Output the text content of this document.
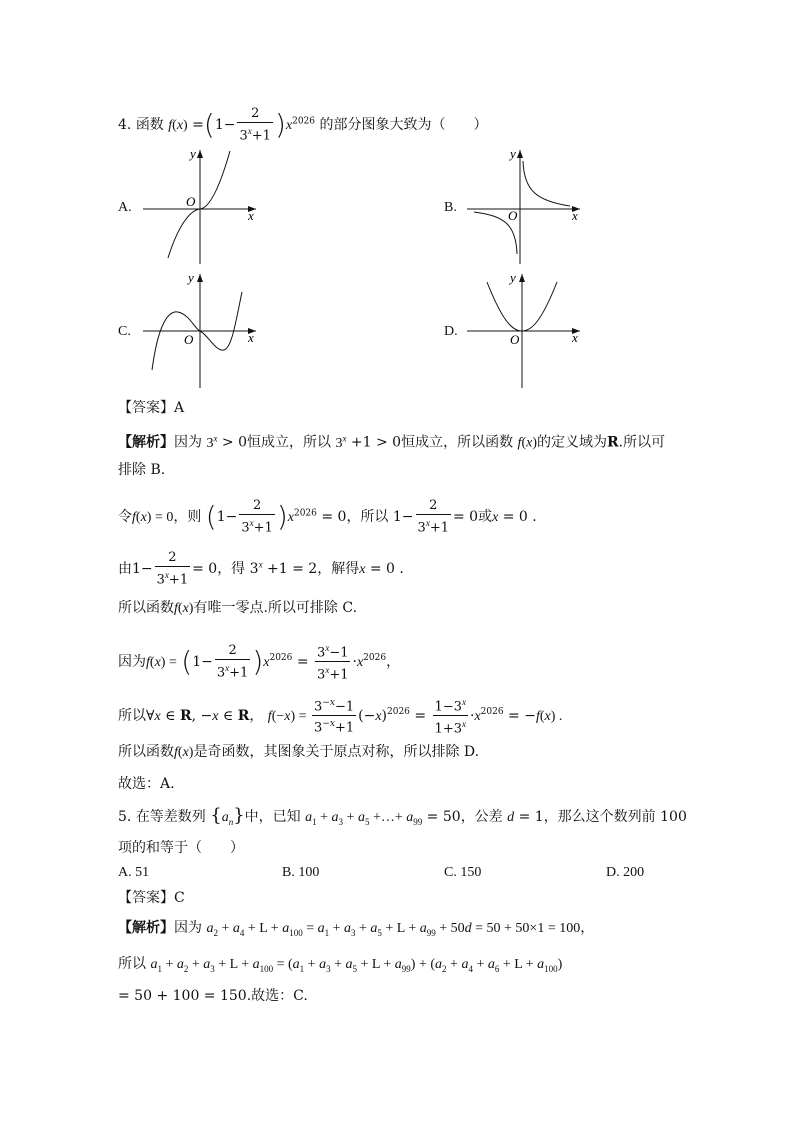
4. 函数 $f(x) =(1- \frac{2}{3^x+1} )x^{2026}$ 的部分图象大致为（　　）
A.
x
y
O	B.
x
y
O
C.	x
y
O
D.	x
y
O
【答案】A
【解析】因为 $3^x > 0$恒成立，所以 $3^x +1 > 0$恒成立，所以函数 f(x)的定义域为R.所以可
排除 B.
令f(x) = 0，则 $(1- \frac{2}{3^x+1} )x^{2026} = 0$，所以 $1- \frac{2}{3^x+1} = 0$或x = 0 .
由$1- \frac{2}{3^x+1} = 0$，得 $3^x +1 = 2$，解得x = 0 .
所以函数f(x)有唯一零点.所以可排除 C.
因为$f(x) = (1- \frac{2}{3^x+1} )x^{2026} = \frac{3^x-1}{3^x+1} \cdot x^{2026}$，
所以∀x ∈ R, −x ∈ R， $f(-x) = \frac{3^{-x}-1}{3^{-x}+1} (-x)^{2026} = \frac{1-3^x}{1+3^x} \cdot x^{2026} = -f(x)$ .
所以函数f(x)是奇函数，其图象关于原点对称，所以排除 D.
故选：A.
5. 在等差数列 $\{a_n\}$中，已知 $a_1 + a_3 + a_5$ +…+ $a_{99} = 50$，公差 d = 1，那么这个数列前 100
项的和等于（　　）
A. 51	B. 100	C. 150	D. 200
【答案】C
【解析】因为 $a_2 + a_4 + L + a_{100} = a_1 + a_3 + a_5 + L + a_{99} + 50d = 50 + 50\times 1 = 100$，
所以 $a_1 + a_2 + a_3 + L + a_{100} = (a_1 + a_3 + a_5 + L + a_{99}) + (a_2 + a_4 + a_6 + L + a_{100})$
= 50 + 100 = 150.故选：C.
